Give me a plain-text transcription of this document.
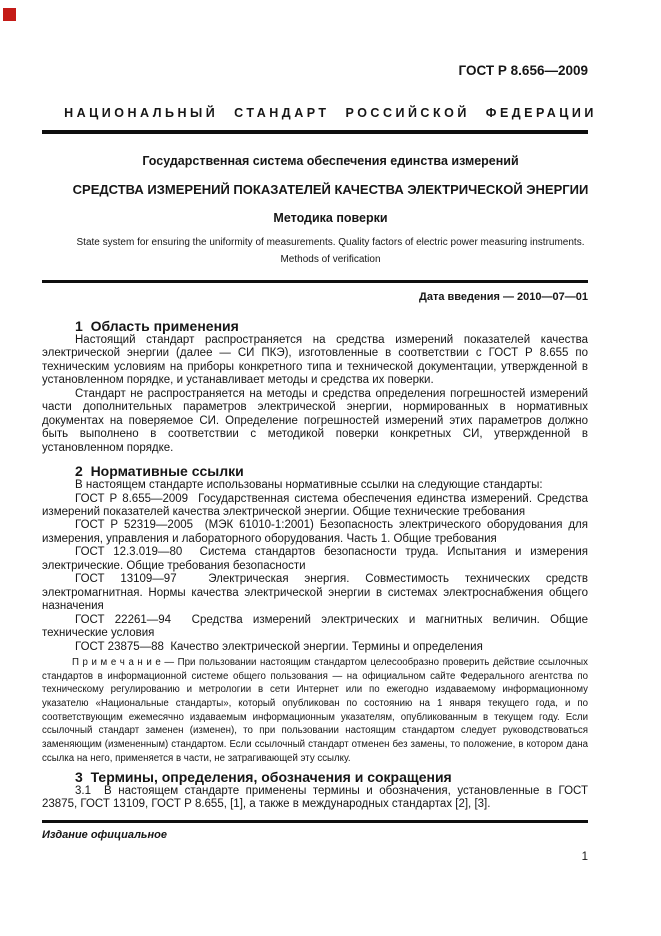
ГОСТ Р 8.656—2009
НАЦИОНАЛЬНЫЙ СТАНДАРТ РОССИЙСКОЙ ФЕДЕРАЦИИ
Государственная система обеспечения единства измерений
СРЕДСТВА ИЗМЕРЕНИЙ ПОКАЗАТЕЛЕЙ КАЧЕСТВА ЭЛЕКТРИЧЕСКОЙ ЭНЕРГИИ
Методика поверки
State system for ensuring the uniformity of measurements. Quality factors of electric power measuring instruments.
Methods of verification
Дата введения — 2010—07—01
1  Область применения

Настоящий стандарт распространяется на средства измерений показателей качества электрической энергии (далее — СИ ПКЭ), изготовленные в соответствии с ГОСТ Р 8.655 по техническим условиям на приборы конкретного типа и технической документации, утвержденной в установленном порядке, и устанавливает методы и средства их поверки.

Стандарт не распространяется на методы и средства определения погрешностей измерений части дополнительных параметров электрической энергии, нормированных в нормативных документах на поверяемое СИ. Определение погрешностей измерений этих параметров должно быть выполнено в соответствии с методикой поверки конкретных СИ, утвержденной в установленном порядке.

2  Нормативные ссылки

В настоящем стандарте использованы нормативные ссылки на следующие стандарты:

ГОСТ Р 8.655—2009  Государственная система обеспечения единства измерений. Средства измерений показателей качества электрической энергии. Общие технические требования

ГОСТ Р 52319—2005  (МЭК 61010-1:2001) Безопасность электрического оборудования для измерения, управления и лабораторного оборудования. Часть 1. Общие требования

ГОСТ 12.3.019—80  Система стандартов безопасности труда. Испытания и измерения электрические. Общие требования безопасности

ГОСТ 13109—97  Электрическая энергия. Совместимость технических средств электромагнитная. Нормы качества электрической энергии в системах электроснабжения общего назначения

ГОСТ 22261—94  Средства измерений электрических и магнитных величин. Общие технические условия

ГОСТ 23875—88  Качество электрической энергии. Термины и определения

П р и м е ч а н и е — При пользовании настоящим стандартом целесообразно проверить действие ссылочных стандартов в информационной системе общего пользования — на официальном сайте Федерального агентства по техническому регулированию и метрологии в сети Интернет или по ежегодно издаваемому информационному указателю «Национальные стандарты», который опубликован по состоянию на 1 января текущего года, и по соответствующим ежемесячно издаваемым информационным указателям, опубликованным в текущем году. Если ссылочный стандарт заменен (изменен), то при пользовании настоящим стандартом следует руководствоваться заменяющим (измененным) стандартом. Если ссылочный стандарт отменен без замены, то положение, в котором дана ссылка на него, применяется в части, не затрагивающей эту ссылку.

3  Термины, определения, обозначения и сокращения

3.1  В настоящем стандарте применены термины и обозначения, установленные в ГОСТ 23875, ГОСТ 13109, ГОСТ Р 8.655, [1], а также в международных стандартах [2], [3].

Издание официальное
1
